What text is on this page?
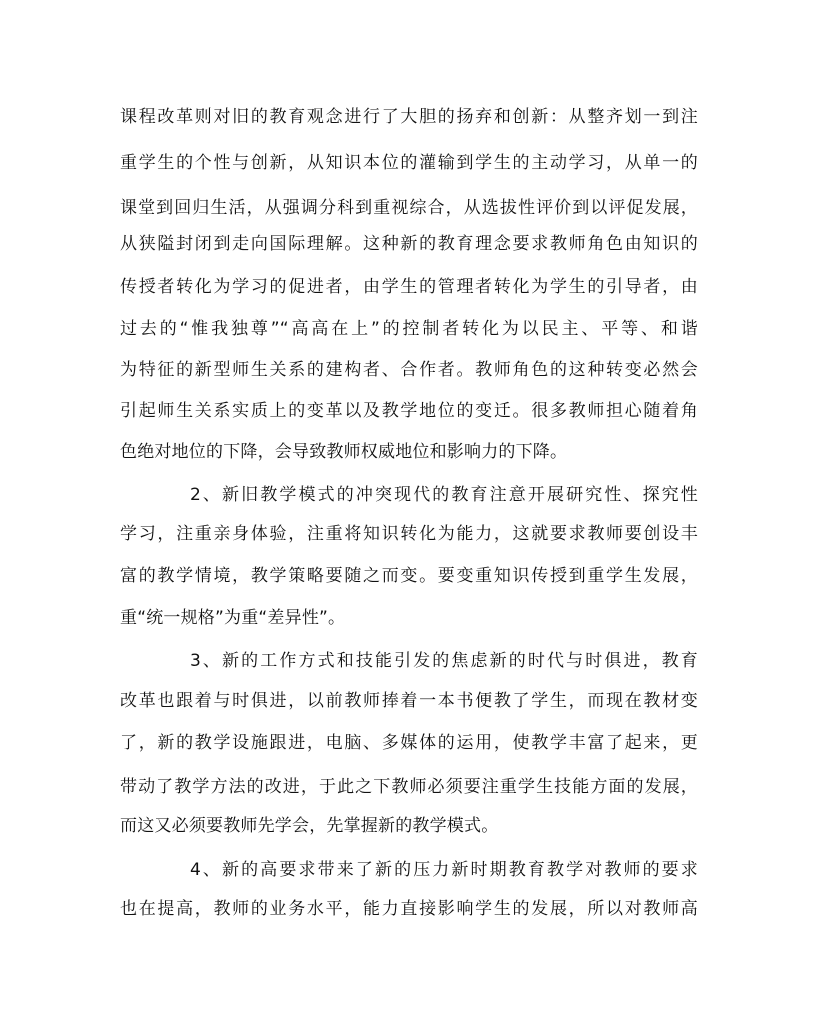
课程改革则对旧的教育观念进行了大胆的扬弃和创新：从整齐划一到注

重学生的个性与创新，从知识本位的灌输到学生的主动学习，从单一的

课堂到回归生活，从强调分科到重视综合，从选拔性评价到以评促发展，

从狭隘封闭到走向国际理解。这种新的教育理念要求教师角色由知识的

传授者转化为学习的促进者，由学生的管理者转化为学生的引导者，由

过去的“惟我独尊”“高高在上”的控制者转化为以民主、平等、和谐

为特征的新型师生关系的建构者、合作者。教师角色的这种转变必然会

引起师生关系实质上的变革以及教学地位的变迁。很多教师担心随着角

色绝对地位的下降，会导致教师权威地位和影响力的下降。

2、新旧教学模式的冲突现代的教育注意开展研究性、探究性

学习，注重亲身体验，注重将知识转化为能力，这就要求教师要创设丰

富的教学情境，教学策略要随之而变。要变重知识传授到重学生发展，

重“统一规格”为重“差异性”。

3、新的工作方式和技能引发的焦虑新的时代与时俱进，教育

改革也跟着与时俱进，以前教师捧着一本书便教了学生，而现在教材变

了，新的教学设施跟进，电脑、多媒体的运用，使教学丰富了起来，更

带动了教学方法的改进，于此之下教师必须要注重学生技能方面的发展，

而这又必须要教师先学会，先掌握新的教学模式。

4、新的高要求带来了新的压力新时期教育教学对教师的要求

也在提高，教师的业务水平，能力直接影响学生的发展，所以对教师高
